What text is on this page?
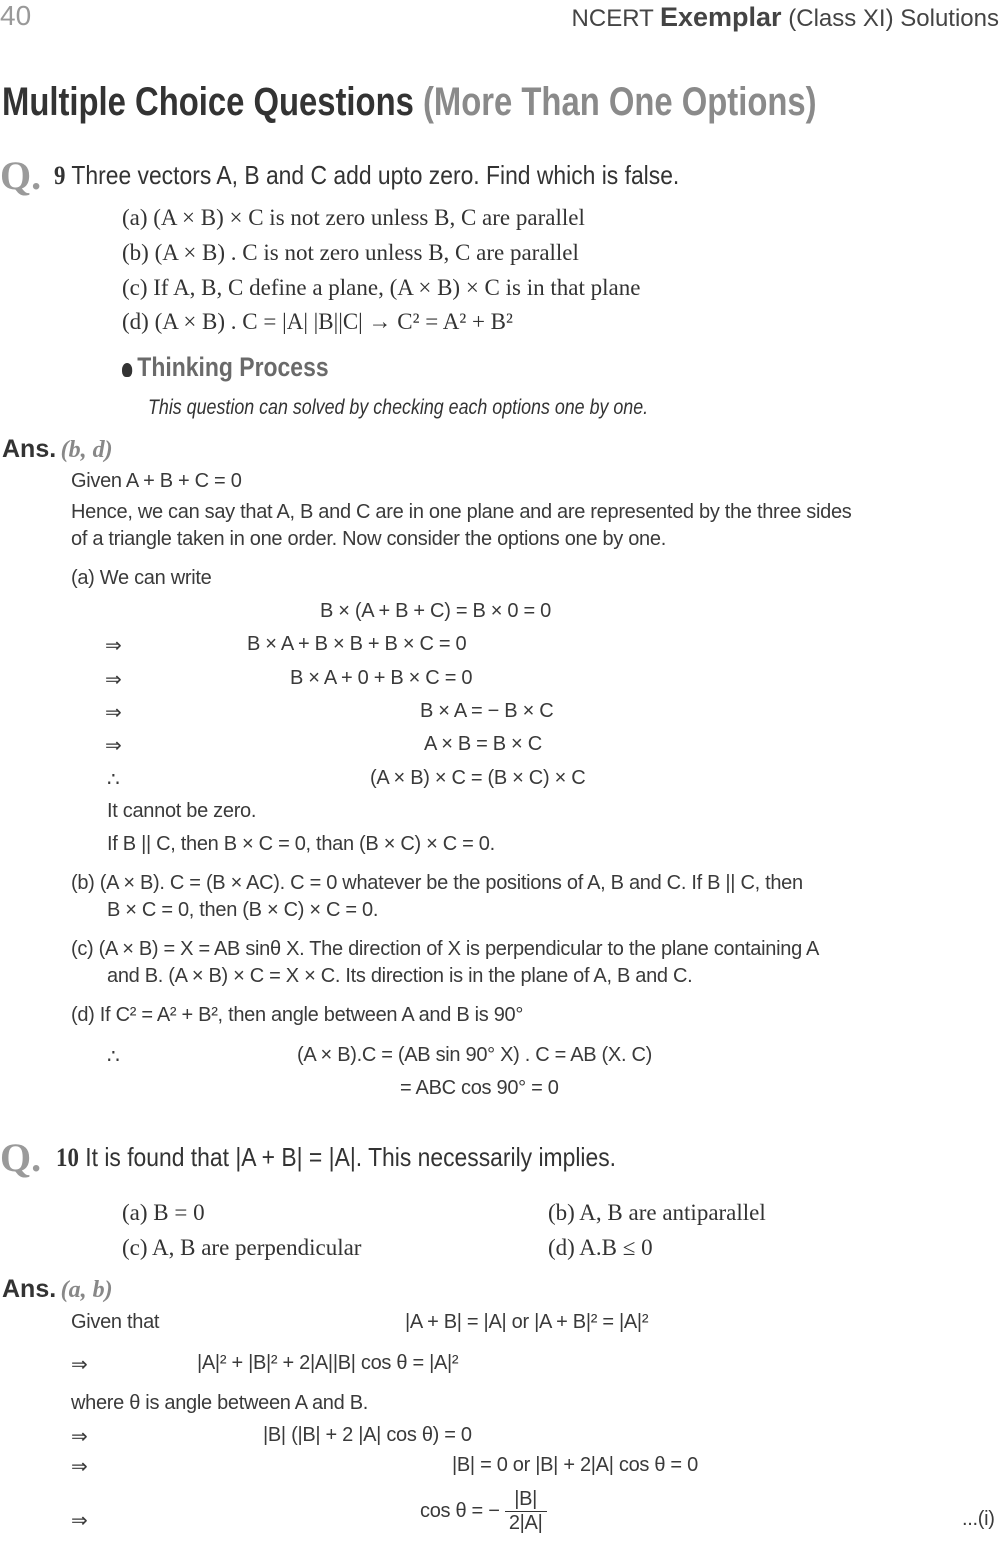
40	NCERT Exemplar (Class XI) Solutions
Multiple Choice Questions (More Than One Options)
Q. 9 Three vectors A, B and C add upto zero. Find which is false.
(a) (A × B) × C is not zero unless B, C are parallel
(b) (A × B) . C is not zero unless B, C are parallel
(c) If A, B, C define a plane, (A × B) × C is in that plane
(d) (A × B) . C = |A| |B||C| → C² = A² + B²
Thinking Process
This question can solved by checking each options one by one.
Ans. (b, d)
Given A + B + C = 0
Hence, we can say that A, B and C are in one plane and are represented by the three sides
of a triangle taken in one order. Now consider the options one by one.
(a) We can write
B × (A + B + C) = B × 0 = 0
⇒	B × A + B × B + B × C = 0
⇒	B × A + 0 + B × C = 0
⇒	B × A = − B × C
⇒	A × B = B × C
∴	(A × B) × C = (B × C) × C
It cannot be zero.
If B || C, then B × C = 0, than (B × C) × C = 0.
(b) (A × B). C = (B × AC). C = 0 whatever be the positions of A, B and C. If B || C, then
B × C = 0, then (B × C) × C = 0.
(c) (A × B) = X = AB sinθ X. The direction of X is perpendicular to the plane containing A
and B. (A × B) × C = X × C. Its direction is in the plane of A, B and C.
(d) If C² = A² + B², then angle between A and B is 90°
∴	(A × B).C = (AB sin 90° X) . C = AB (X. C)
= ABC cos 90° = 0
Q. 10 It is found that |A + B| = |A|. This necessarily implies.
(a) B = 0	(b) A, B are antiparallel
(c) A, B are perpendicular	(d) A.B ≤ 0
Ans. (a, b)
Given that	|A + B| = |A| or |A + B|² = |A|²
⇒	|A|² + |B|² + 2|A||B| cos θ = |A|²
where θ is angle between A and B.
⇒	|B| (|B| + 2 |A| cos θ) = 0
⇒	|B| = 0 or |B| + 2|A| cos θ = 0
⇒	cos θ = − $\frac{|B|}{2|A|}$	...(i)
